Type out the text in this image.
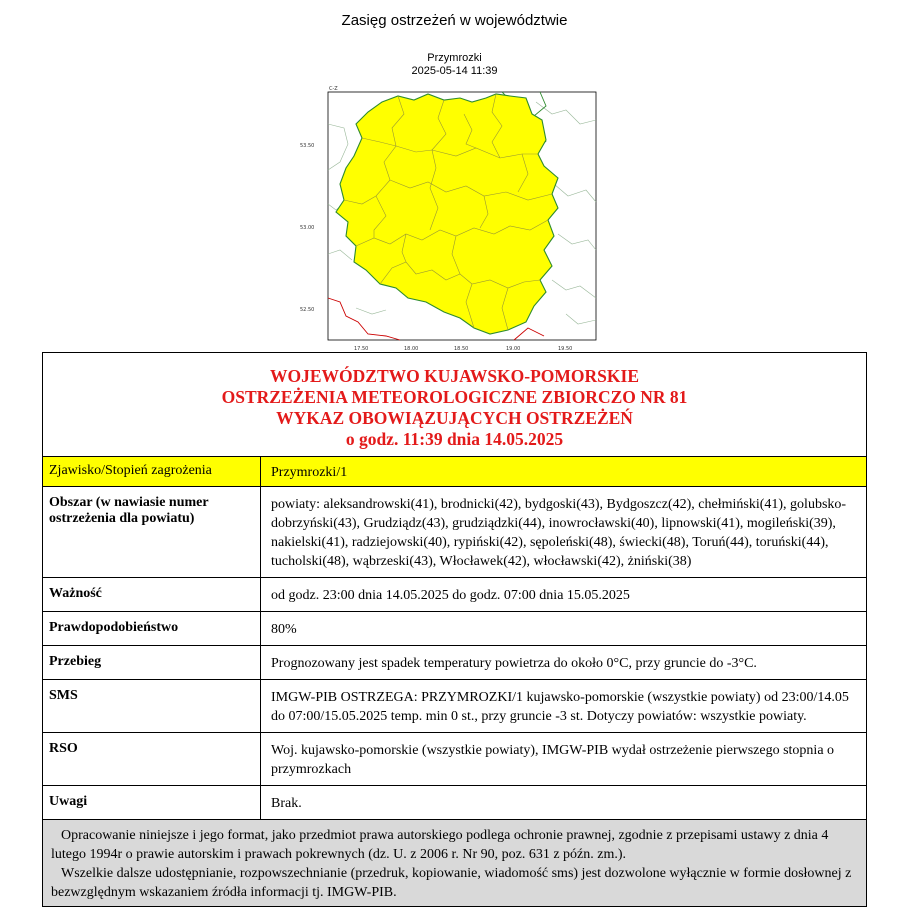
Zasięg ostrzeżeń w województwie
Przymrozki
2025-05-14 11:39
53.50
53.00
52.50
17.50	18.00	18.50	19.00	19.50
C-Z
WOJEWÓDZTWO KUJAWSKO-POMORSKIE
OSTRZEŻENIA METEOROLOGICZNE ZBIORCZO NR 81
WYKAZ OBOWIĄZUJĄCYCH OSTRZEŻEŃ
o godz. 11:39 dnia 14.05.2025	

Zjawisko/Stopień zagrożenia	Przymrozki/1
Obszar (w nawiasie numer ostrzeżenia dla powiatu)	powiaty: aleksandrowski(41), brodnicki(42), bydgoski(43), Bydgoszcz(42), chełmiński(41), golubsko-dobrzyński(43), Grudziądz(43), grudziądzki(44), inowrocławski(40), lipnowski(41), mogileński(39), nakielski(41), radziejowski(40), rypiński(42), sępoleński(48), świecki(48), Toruń(44), toruński(44), tucholski(48), wąbrzeski(43), Włocławek(42), włocławski(42), żniński(38)
Ważność	od godz. 23:00 dnia 14.05.2025 do godz. 07:00 dnia 15.05.2025
Prawdopodobieństwo	80%
Przebieg	Prognozowany jest spadek temperatury powietrza do około 0°C, przy gruncie do -3°C.
SMS	IMGW-PIB OSTRZEGA: PRZYMROZKI/1 kujawsko-pomorskie (wszystkie powiaty) od 23:00/14.05 do 07:00/15.05.2025 temp. min 0 st., przy gruncie -3 st. Dotyczy powiatów: wszystkie powiaty.
RSO	Woj. kujawsko-pomorskie (wszystkie powiaty), IMGW-PIB wydał ostrzeżenie pierwszego stopnia o przymrozkach
Uwagi	Brak.

Opracowanie niniejsze i jego format, jako przedmiot prawa autorskiego podlega ochronie prawnej, zgodnie z przepisami ustawy z dnia 4 lutego 1994r o prawie autorskim i prawach pokrewnych (dz. U. z 2006 r. Nr 90, poz. 631 z późn. zm.).

Wszelkie dalsze udostępnianie, rozpowszechnianie (przedruk, kopiowanie, wiadomość sms) jest dozwolone wyłącznie w formie dosłownej z bezwzględnym wskazaniem źródła informacji tj. IMGW-PIB.	
